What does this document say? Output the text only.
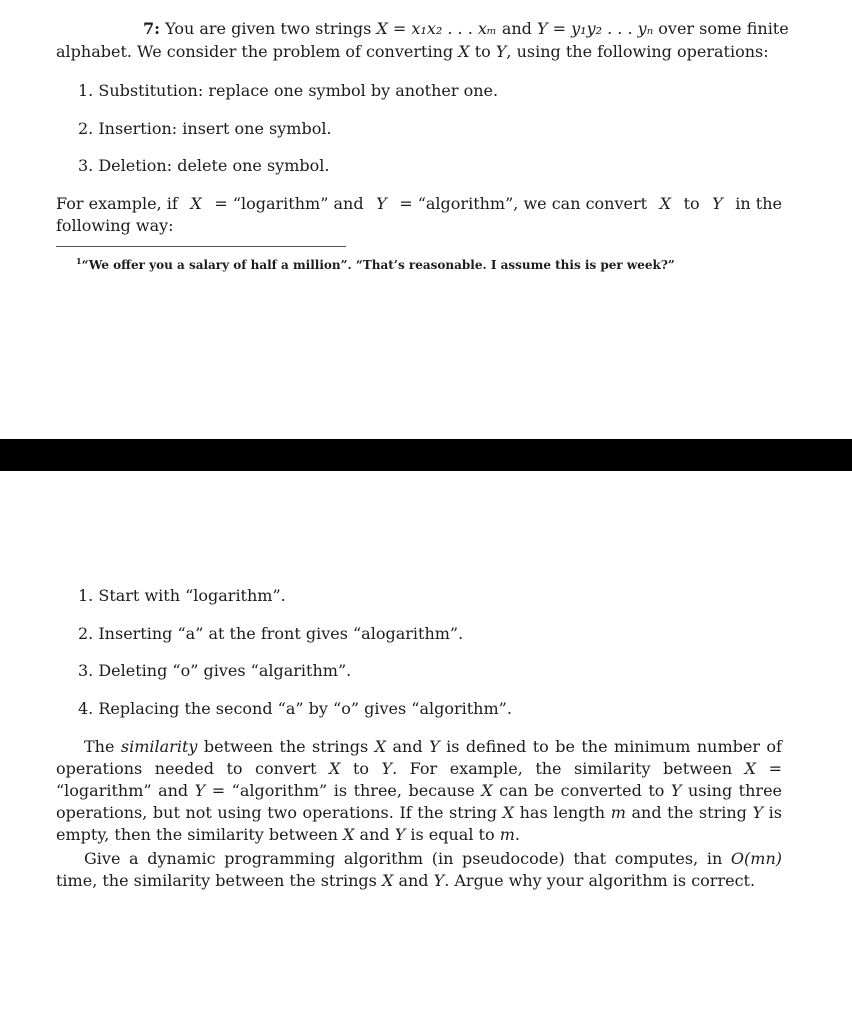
7: You are given two strings X = x₁x₂ . . . xₘ and Y = y₁y₂ . . . yₙ over some finite
alphabet. We consider the problem of converting X to Y, using the following operations:
1. Substitution: replace one symbol by another one.
2. Insertion: insert one symbol.
3. Deletion: delete one symbol.
For example, if X = “logarithm” and Y = “algorithm”, we can convert X to Y in the
following way:
$^1$“We offer you a salary of half a million”. “That’s reasonable. I assume this is per week?”
1. Start with “logarithm”.
2. Inserting “a” at the front gives “alogarithm”.
3. Deleting “o” gives “algarithm”.
4. Replacing the second “a” by “o” gives “algorithm”.
The similarity between the strings X and Y is defined to be the minimum number of operations needed to convert X to Y. For example, the similarity between X = “logarithm” and Y = “algorithm” is three, because X can be converted to Y using three operations, but not using two operations. If the string X has length m and the string Y is empty, then the similarity between X and Y is equal to m.
Give a dynamic programming algorithm (in pseudocode) that computes, in O(mn) time, the similarity between the strings X and Y. Argue why your algorithm is correct.
